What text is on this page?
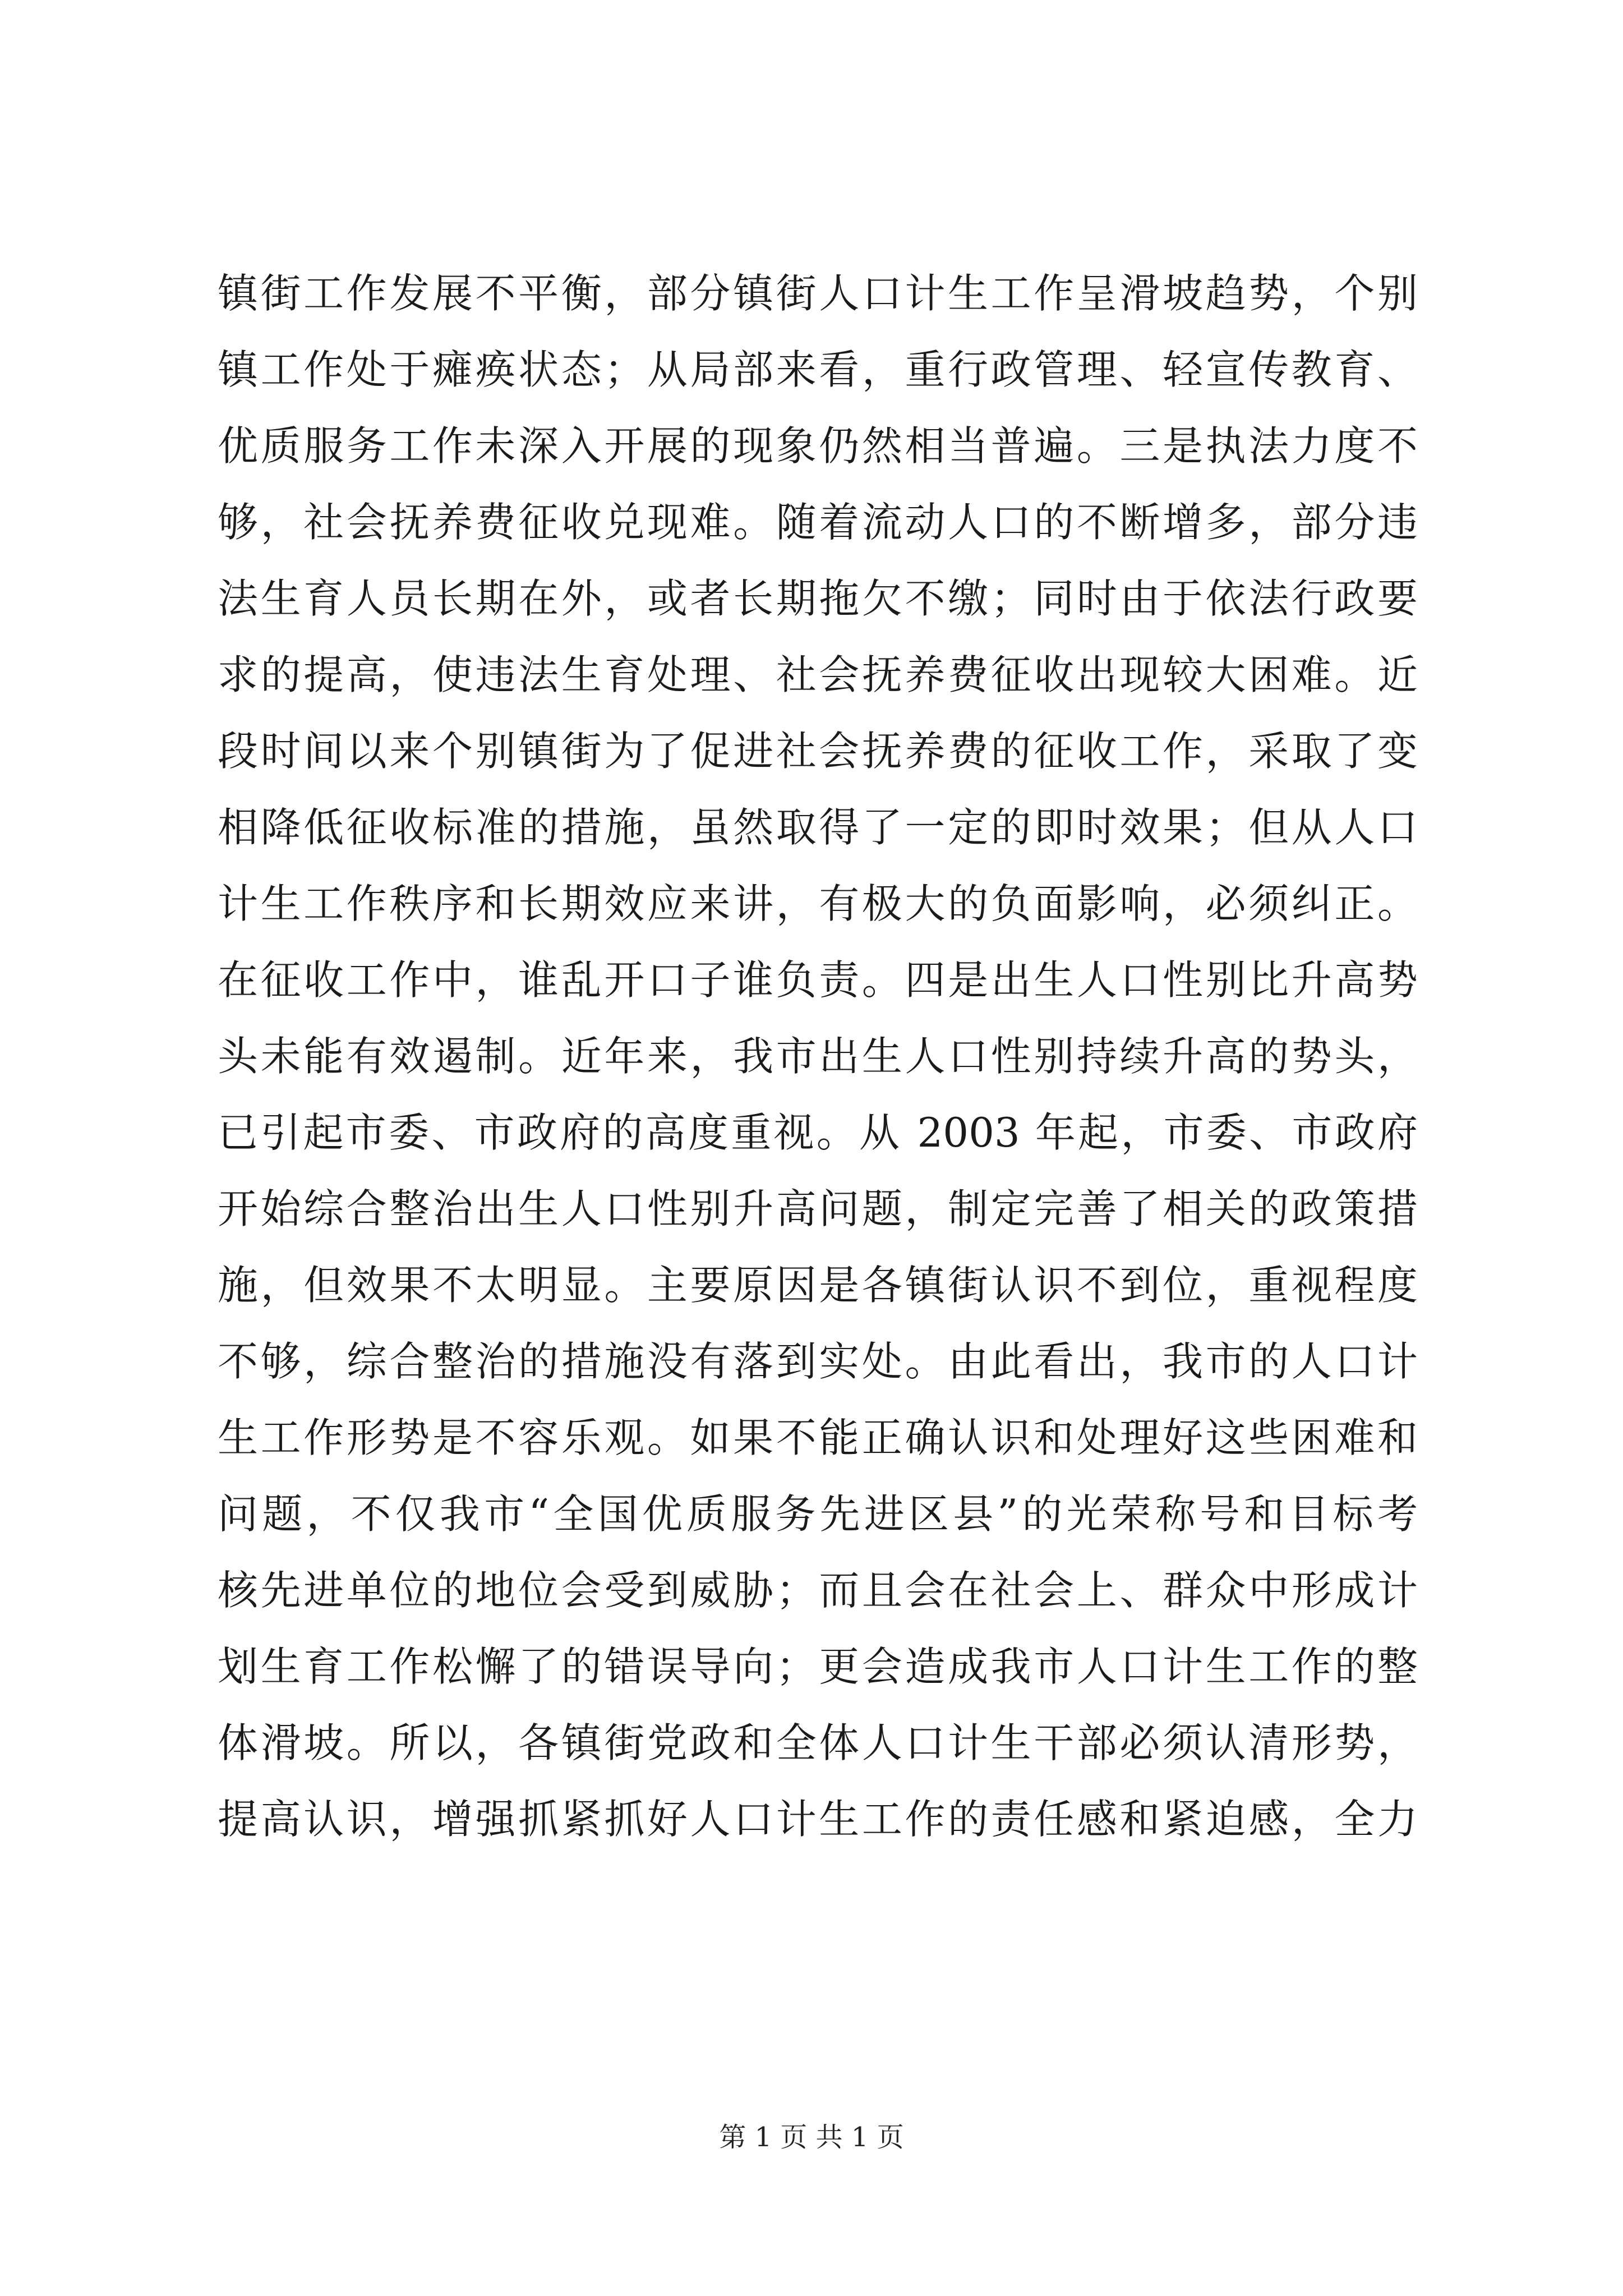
镇街工作发展不平衡，部分镇街人口计生工作呈滑坡趋势，个别
镇工作处于瘫痪状态；从局部来看，重行政管理、轻宣传教育、
优质服务工作未深入开展的现象仍然相当普遍。三是执法力度不
够，社会抚养费征收兑现难。随着流动人口的不断增多，部分违
法生育人员长期在外，或者长期拖欠不缴；同时由于依法行政要
求的提高，使违法生育处理、社会抚养费征收出现较大困难。近
段时间以来个别镇街为了促进社会抚养费的征收工作，采取了变
相降低征收标准的措施，虽然取得了一定的即时效果；但从人口
计生工作秩序和长期效应来讲，有极大的负面影响，必须纠正。
在征收工作中，谁乱开口子谁负责。四是出生人口性别比升高势
头未能有效遏制。近年来，我市出生人口性别持续升高的势头，
已引起市委、市政府的高度重视。从 2003 年起，市委、市政府
开始综合整治出生人口性别升高问题，制定完善了相关的政策措
施，但效果不太明显。主要原因是各镇街认识不到位，重视程度
不够，综合整治的措施没有落到实处。由此看出，我市的人口计
生工作形势是不容乐观。如果不能正确认识和处理好这些困难和
问题，不仅我市“全国优质服务先进区县”的光荣称号和目标考
核先进单位的地位会受到威胁；而且会在社会上、群众中形成计
划生育工作松懈了的错误导向；更会造成我市人口计生工作的整
体滑坡。所以，各镇街党政和全体人口计生干部必须认清形势，
提高认识，增强抓紧抓好人口计生工作的责任感和紧迫感，全力
第 1 页 共 1 页
